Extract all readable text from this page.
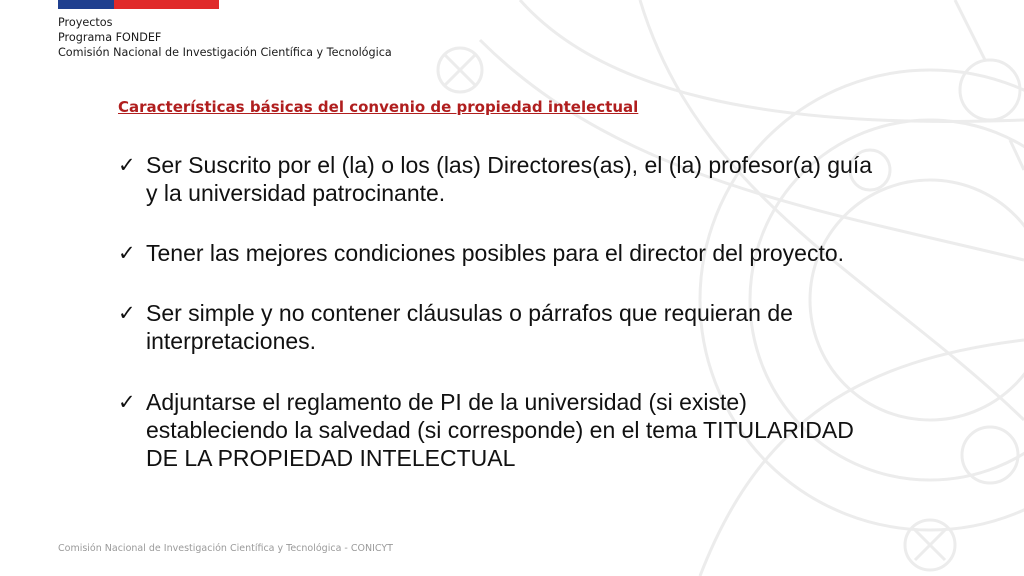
Proyectos
Programa FONDEF
Comisión Nacional de Investigación Científica y Tecnológica
Características básicas del convenio de propiedad intelectual
✓ Ser Suscrito por el (la) o los (las) Directores(as), el (la) profesor(a) guía y la universidad patrocinante.
✓ Tener las mejores condiciones posibles para el director del proyecto.
✓ Ser simple y no contener cláusulas o párrafos que requieran de interpretaciones.
✓ Adjuntarse el reglamento de PI de la universidad (si existe) estableciendo la salvedad (si corresponde) en el tema TITULARIDAD DE LA PROPIEDAD INTELECTUAL
Comisión Nacional de Investigación Científica y Tecnológica - CONICYT
